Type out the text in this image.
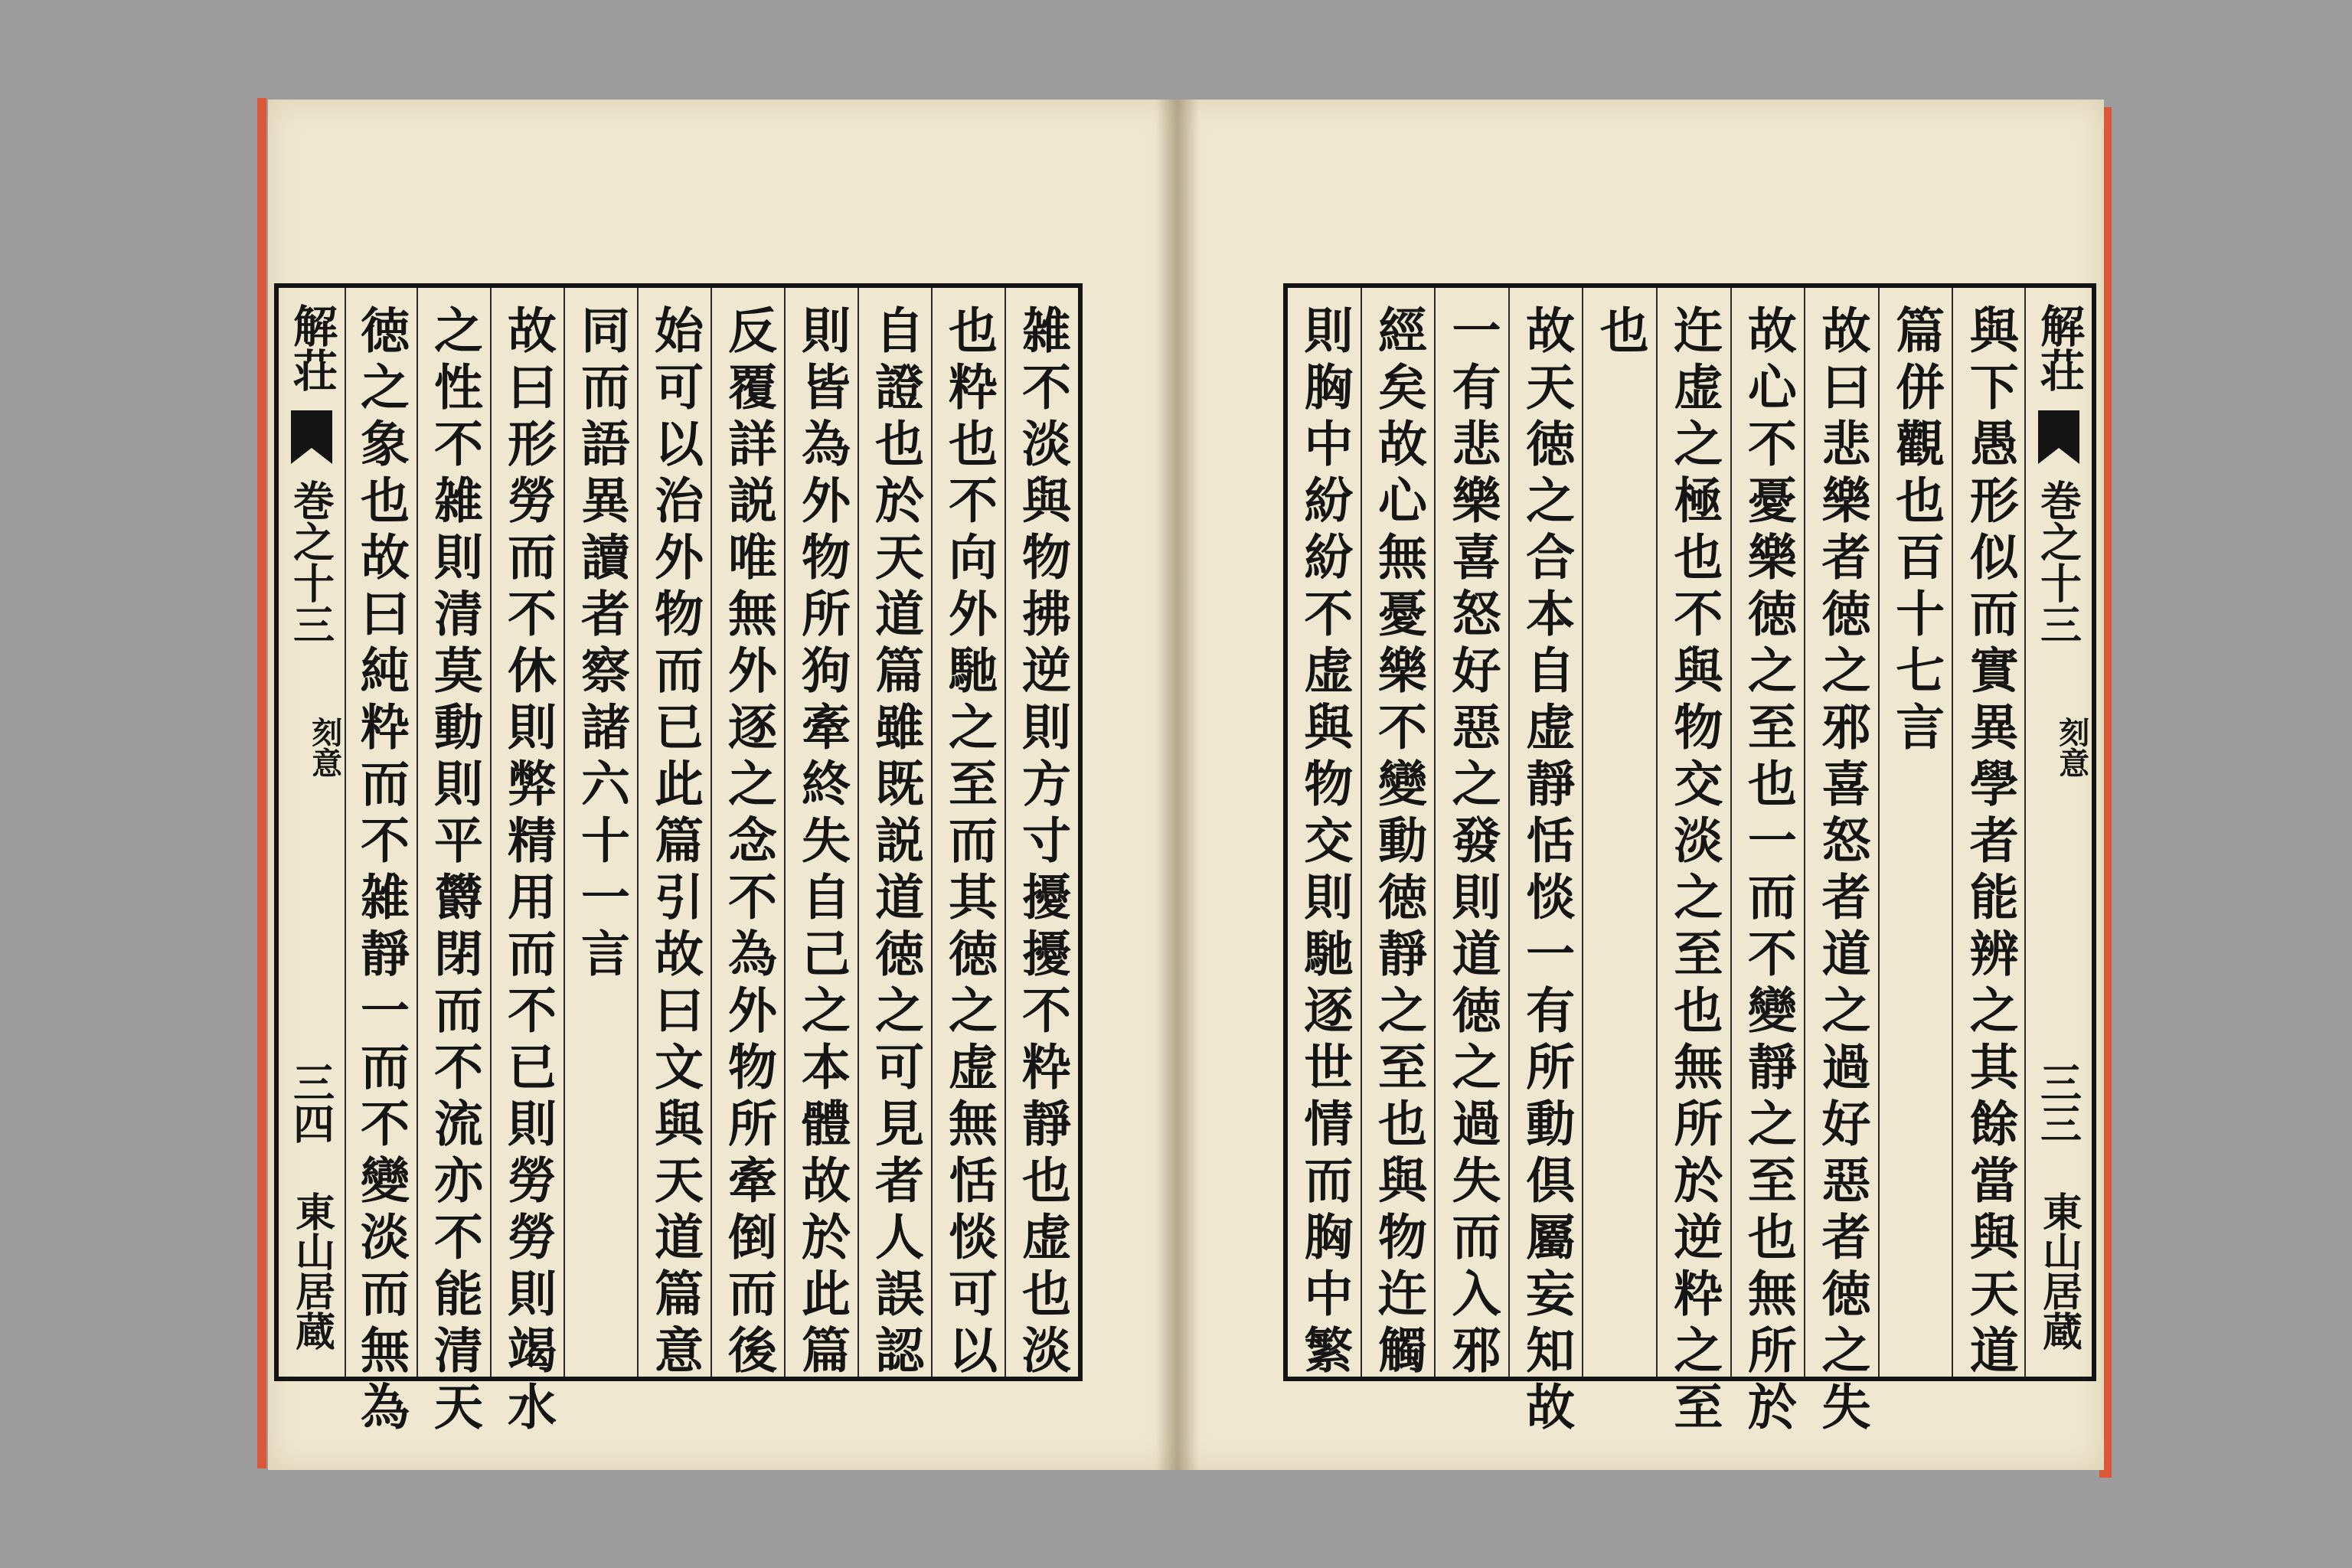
雑不淡與物拂逆則方寸擾擾不粋靜也虚也淡
也粋也不向外馳之至而其徳之虚無恬惔可以
自證也於天道篇雖既説道徳之可見者人誤認
則皆為外物所狗牽終失自己之本體故於此篇
反覆詳説唯無外逐之念不為外物所牽倒而後
始可以治外物而已此篇引故曰文與天道篇意
同而語異讀者察諸六十一言
故曰形勞而不休則弊精用而不已則勞勞則竭水
之性不雑則清莫動則平欝閉而不流亦不能清天
徳之象也故曰純粋而不雑靜一而不變淡而無為
解荘
巻之十三
刻意
三四
東山居蔵	與下愚形似而實異學者能辨之其餘當與天道
篇併觀也百十七言
故曰悲樂者徳之邪喜怒者道之過好惡者徳之失
故心不憂樂徳之至也一而不變靜之至也無所於
迕虚之極也不與物交淡之至也無所於逆粋之至
也
故天徳之合本自虚靜恬惔一有所動倶屬妄知故
一有悲樂喜怒好惡之發則道徳之過失而入邪
經矣故心無憂樂不變動徳靜之至也與物迕觸
則胸中紛紛不虚與物交則馳逐世情而胸中繁	解荘
巻之十三
刻意
三三
東山居蔵
